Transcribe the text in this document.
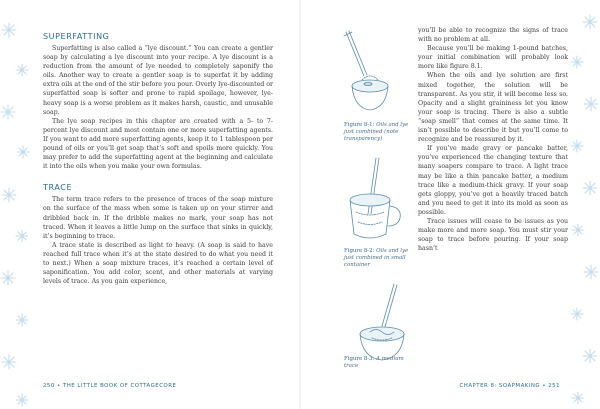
SUPERFATTING

Superfatting is also called a “lye discount.” You can create a gentler soap by calculating a lye discount into your recipe. A lye discount is a reduction from the amount of lye needed to completely saponify the oils. Another way to create a gentler soap is to superfat it by adding extra oils at the end of the stir before you pour. Overly lye-discounted or superfatted soap is softer and prone to rapid spoilage, however, lye-heavy soap is a worse problem as it makes harsh, caustic, and unusable soap.

The lye soap recipes in this chapter are created with a 5- to 7-percent lye discount and most contain one or more superfatting agents. If you want to add more superfatting agents, keep it to 1 tablespoon per pound of oils or you’ll get soap that’s soft and spoils more quickly. You may prefer to add the superfatting agent at the beginning and calculate it into the oils when you make your own formulas.

TRACE

The term trace refers to the presence of traces of the soap mixture on the surface of the mass when some is taken up on your stirrer and dribbled back in. If the dribble makes no mark, your soap has not traced. When it leaves a little lump on the surface that sinks in quickly, it’s beginning to trace.

A trace state is described as light to heavy. (A soap is said to have reached full trace when it’s at the state desired to do what you need it to next.) When a soap mixture traces, it’s reached a certain level of saponification. You add color, scent, and other materials at varying levels of trace. As you gain experience,

Figure 8-1: Oils and lye just combined (note transparency)
Figure 8-2: Oils and lye just combined in small container
Figure 8-3: A medium trace

you’ll be able to recognize the signs of trace with no problem at all.

Because you’ll be making 1-pound batches, your initial combination will probably look more like figure 8.1.

When the oils and lye solution are first mixed together, the solution will be transparent. As you stir, it will become less so. Opacity and a slight graininess let you know your soap is tracing. There is also a subtle “soap smell” that comes at the same time. It isn’t possible to describe it but you’ll come to recognize and be reassured by it.

If you’ve made gravy or pancake batter, you’ve experienced the changing texture that many soapers compare to trace. A light trace may be like a thin pancake batter, a medium trace like a medium-thick gravy. If your soap gets gloppy, you’ve got a heavily traced batch and you need to get it into its mold as soon as possible.

Trace issues will cease to be issues as you make more and more soap. You must stir your soap to trace before pouring. If your soap hasn’t

250 • THE LITTLE BOOK OF COTTAGECORE	CHAPTER 8: SOAPMAKING • 251
